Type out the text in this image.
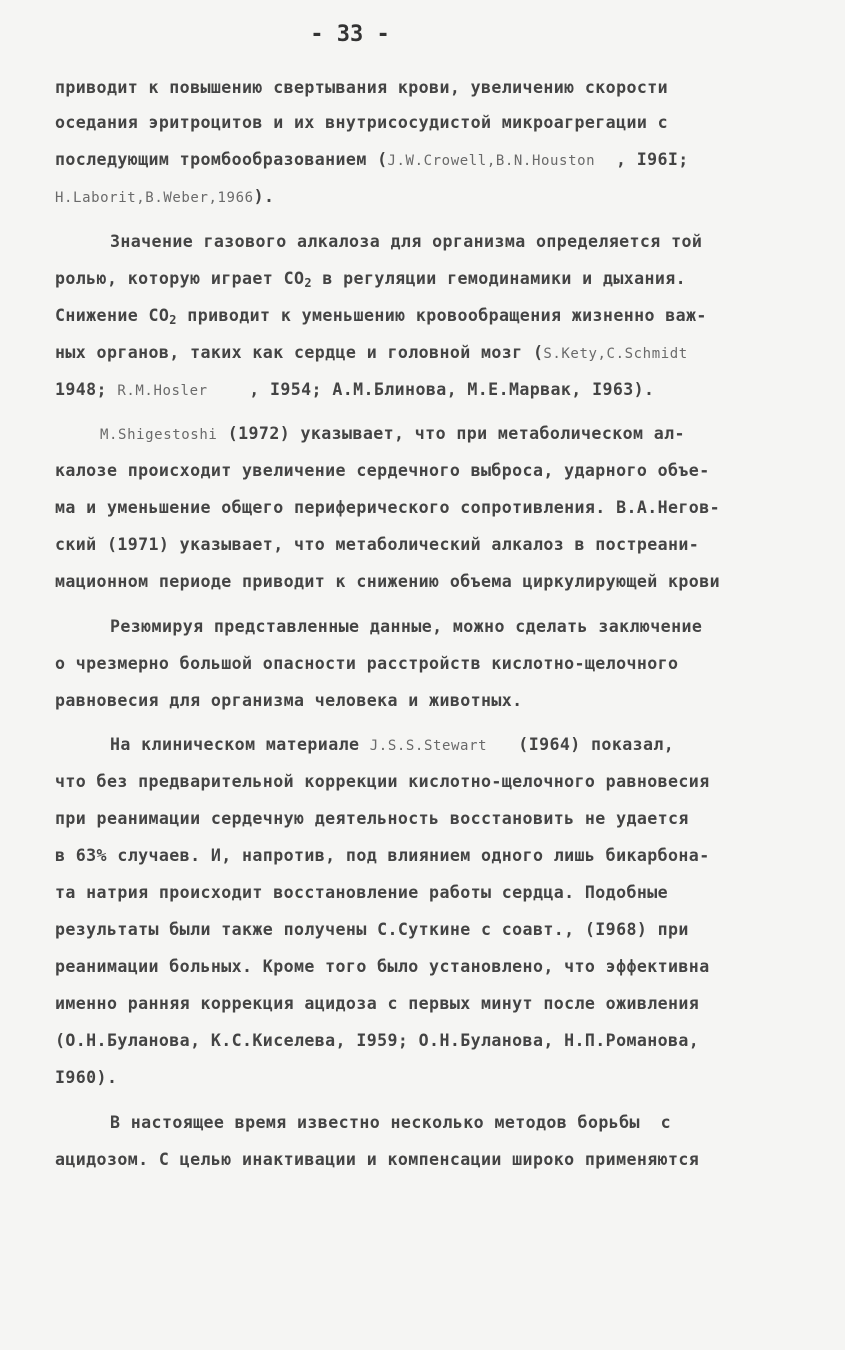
- 33 -
приводит к повышению свертывания крови, увеличению скорости
оседания эритроцитов и их внутрисосудистой микроагрегации с
последующим тромбообразованием (J.W.Crowell,B.N.Houston  , I96I;
H.Laborit,B.Weber,1966).
Значение газового алкалоза для организма определяется той
ролью, которую играет $CO_2$ в регуляции гемодинамики и дыхания.
Снижение $CO_2$ приводит к уменьшению кровообращения жизненно важ-
ных органов, таких как сердце и головной мозг (S.Kety,C.Schmidt
1948; R.M.Hosler    , I954; А.М.Блинова, М.Е.Марвак, I963).
M.Shigestoshi (1972) указывает, что при метаболическом ал-
калозе происходит увеличение сердечного выброса, ударного объе-
ма и уменьшение общего периферического сопротивления. В.А.Негов-
ский (1971) указывает, что метаболический алкалоз в постреани-
мационном периоде приводит к снижению объема циркулирующей крови
Резюмируя представленные данные, можно сделать заключение
о чрезмерно большой опасности расстройств кислотно-щелочного
равновесия для организма человека и животных.
На клиническом материале J.S.S.Stewart   (I964) показал,
что без предварительной коррекции кислотно-щелочного равновесия
при реанимации сердечную деятельность восстановить не удается
в 63% случаев. И, напротив, под влиянием одного лишь бикарбона-
та натрия происходит восстановление работы сердца. Подобные
результаты были также получены С.Суткине с соавт., (I968) при
реанимации больных. Кроме того было установлено, что эффективна
именно ранняя коррекция ацидоза с первых минут после оживления
(О.Н.Буланова, К.С.Киселева, I959; О.Н.Буланова, Н.П.Романова,
I960).
В настоящее время известно несколько методов борьбы  с
ацидозом. С целью инактивации и компенсации широко применяются
